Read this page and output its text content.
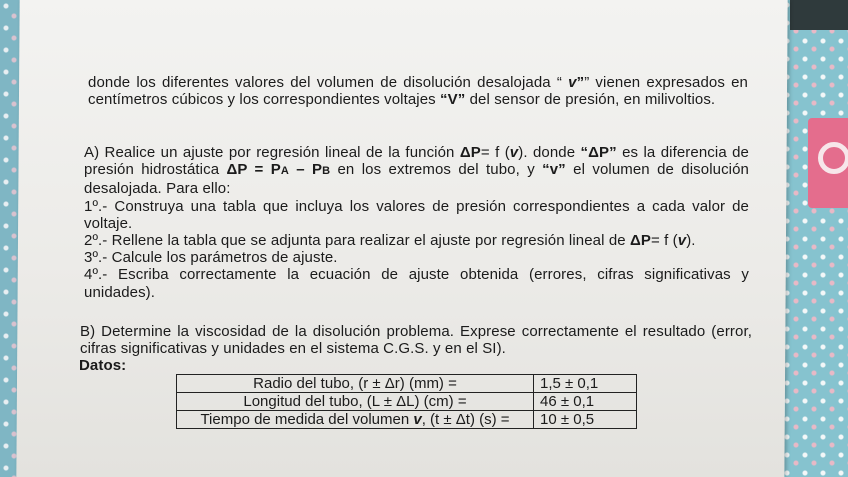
donde los diferentes valores del volumen de disolución desalojada “ v”” vienen expresados en centímetros cúbicos y los correspondientes voltajes “V” del sensor de presión, en milivoltios.

A) Realice un ajuste por regresión lineal de la función ΔP= f (v). donde “ΔP” es la diferencia de presión hidrostática ΔP = PA – PB en los extremos del tubo, y “v” el volumen de disolución desalojada. Para ello:

1º.- Construya una tabla que incluya los valores de presión correspondientes a cada valor de voltaje.

2º.- Rellene la tabla que se adjunta para realizar el ajuste por regresión lineal de ΔP= f (v).

3º.- Calcule los parámetros de ajuste.

4º.- Escriba correctamente la ecuación de ajuste obtenida (errores, cifras significativas y unidades).

B) Determine la viscosidad de la disolución problema. Exprese correctamente el resultado (error, cifras significativas y unidades en el sistema C.G.S. y en el SI).
Datos:
Radio del tubo, (r ± Δr) (mm) =	1,5 ± 0,1
Longitud del tubo, (L ± ΔL) (cm) =	46 ± 0,1
Tiempo de medida del volumen v, (t ± Δt) (s) =	10 ± 0,5
